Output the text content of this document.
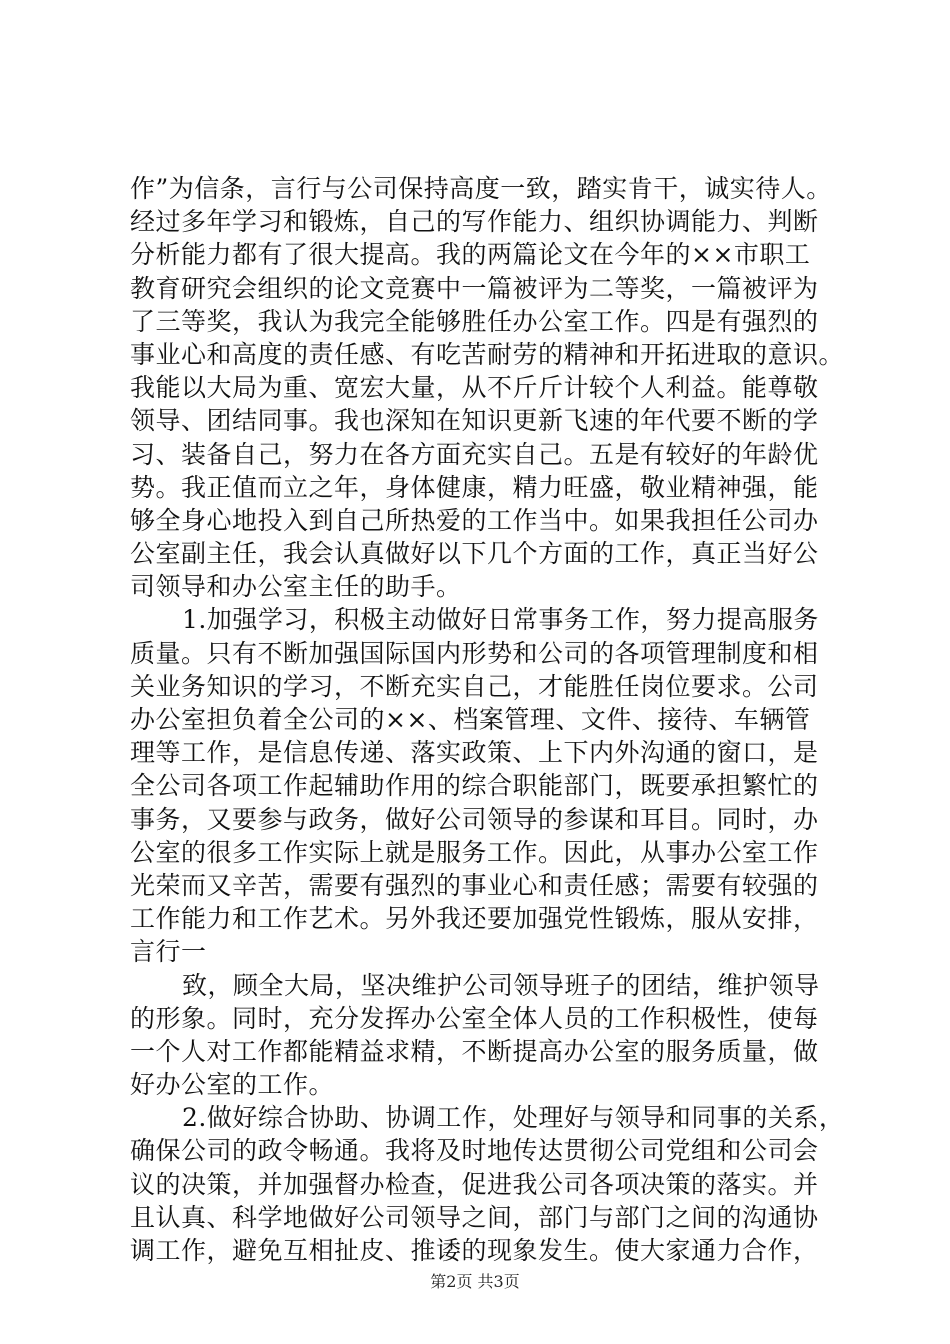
作”为信条，言行与公司保持高度一致，踏实肯干，诚实待人。
经过多年学习和锻炼，自己的写作能力、组织协调能力、判断
分析能力都有了很大提高。我的两篇论文在今年的××市职工
教育研究会组织的论文竞赛中一篇被评为二等奖，一篇被评为
了三等奖，我认为我完全能够胜任办公室工作。四是有强烈的
事业心和高度的责任感、有吃苦耐劳的精神和开拓进取的意识。
我能以大局为重、宽宏大量，从不斤斤计较个人利益。能尊敬
领导、团结同事。我也深知在知识更新飞速的年代要不断的学
习、装备自己，努力在各方面充实自己。五是有较好的年龄优
势。我正值而立之年，身体健康，精力旺盛，敬业精神强，能
够全身心地投入到自己所热爱的工作当中。如果我担任公司办
公室副主任，我会认真做好以下几个方面的工作，真正当好公
司领导和办公室主任的助手。
1.加强学习，积极主动做好日常事务工作，努力提高服务
质量。只有不断加强国际国内形势和公司的各项管理制度和相
关业务知识的学习，不断充实自己，才能胜任岗位要求。公司
办公室担负着全公司的××、档案管理、文件、接待、车辆管
理等工作，是信息传递、落实政策、上下内外沟通的窗口，是
全公司各项工作起辅助作用的综合职能部门，既要承担繁忙的
事务，又要参与政务，做好公司领导的参谋和耳目。同时，办
公室的很多工作实际上就是服务工作。因此，从事办公室工作
光荣而又辛苦，需要有强烈的事业心和责任感；需要有较强的
工作能力和工作艺术。另外我还要加强党性锻炼，服从安排，
言行一
致，顾全大局，坚决维护公司领导班子的团结，维护领导
的形象。同时，充分发挥办公室全体人员的工作积极性，使每
一个人对工作都能精益求精，不断提高办公室的服务质量，做
好办公室的工作。
2.做好综合协助、协调工作，处理好与领导和同事的关系，
确保公司的政令畅通。我将及时地传达贯彻公司党组和公司会
议的决策，并加强督办检查，促进我公司各项决策的落实。并
且认真、科学地做好公司领导之间，部门与部门之间的沟通协
调工作，避免互相扯皮、推诿的现象发生。使大家通力合作，
第2页 共3页
